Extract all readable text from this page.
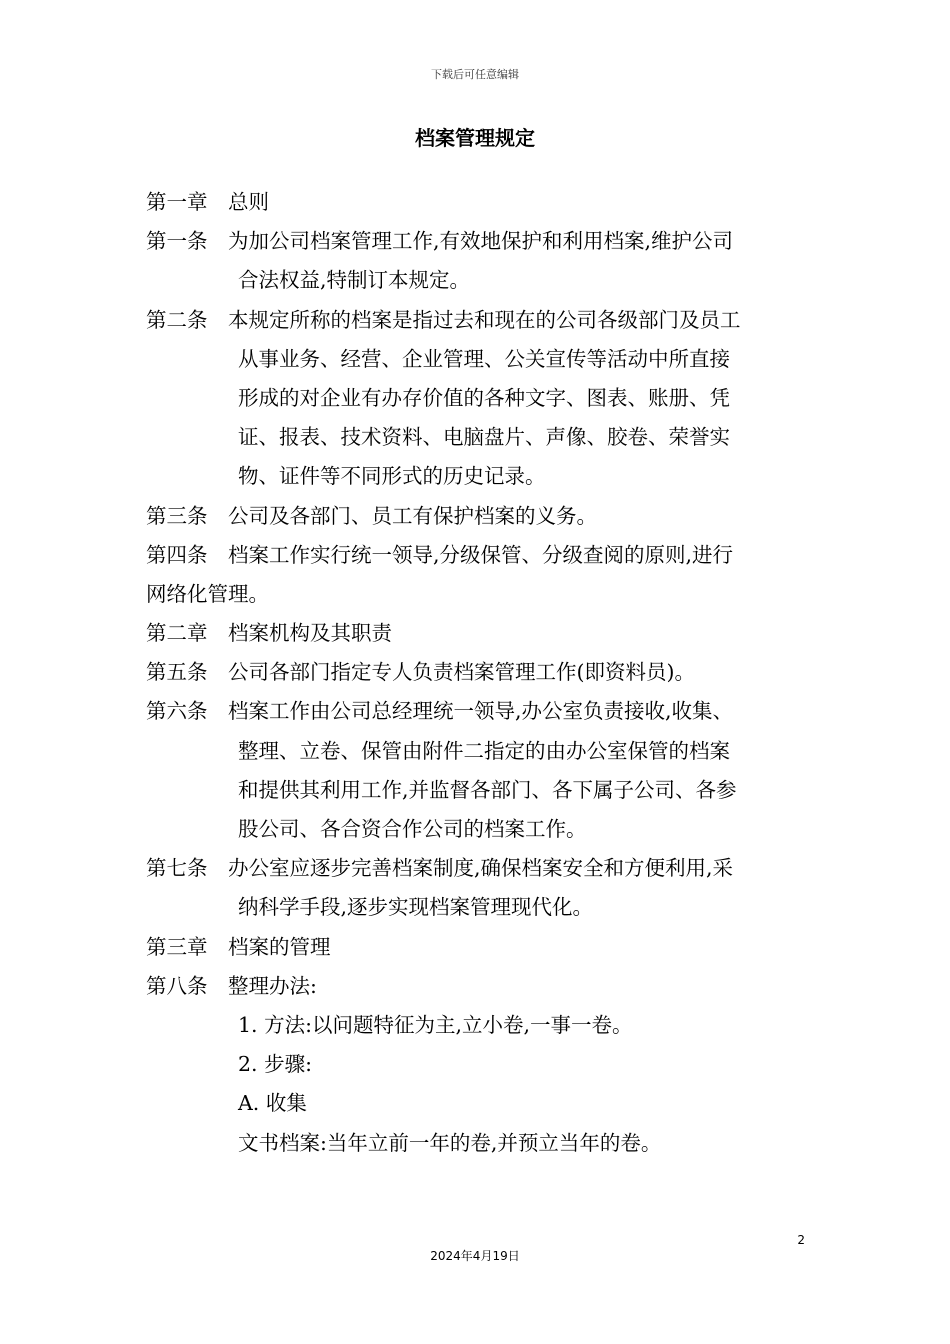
下载后可任意编辑
档案管理规定
第一章 总则
第一条 为加公司档案管理工作,有效地保护和利用档案,维护公司
合法权益,特制订本规定。
第二条 本规定所称的档案是指过去和现在的公司各级部门及员工
从事业务、经营、企业管理、公关宣传等活动中所直接
形成的对企业有办存价值的各种文字、图表、账册、凭
证、报表、技术资料、电脑盘片、声像、胶卷、荣誉实
物、证件等不同形式的历史记录。
第三条 公司及各部门、员工有保护档案的义务。
第四条 档案工作实行统一领导,分级保管、分级查阅的原则,进行
网络化管理。
第二章 档案机构及其职责
第五条 公司各部门指定专人负责档案管理工作(即资料员)。
第六条 档案工作由公司总经理统一领导,办公室负责接收,收集、
整理、立卷、保管由附件二指定的由办公室保管的档案
和提供其利用工作,并监督各部门、各下属子公司、各参
股公司、各合资合作公司的档案工作。
第七条 办公室应逐步完善档案制度,确保档案安全和方便利用,采
纳科学手段,逐步实现档案管理现代化。
第三章 档案的管理
第八条 整理办法:
1. 方法:以问题特征为主,立小卷,一事一卷。
2. 步骤:
A. 收集
文书档案:当年立前一年的卷,并预立当年的卷。
2
2024年4月19日
